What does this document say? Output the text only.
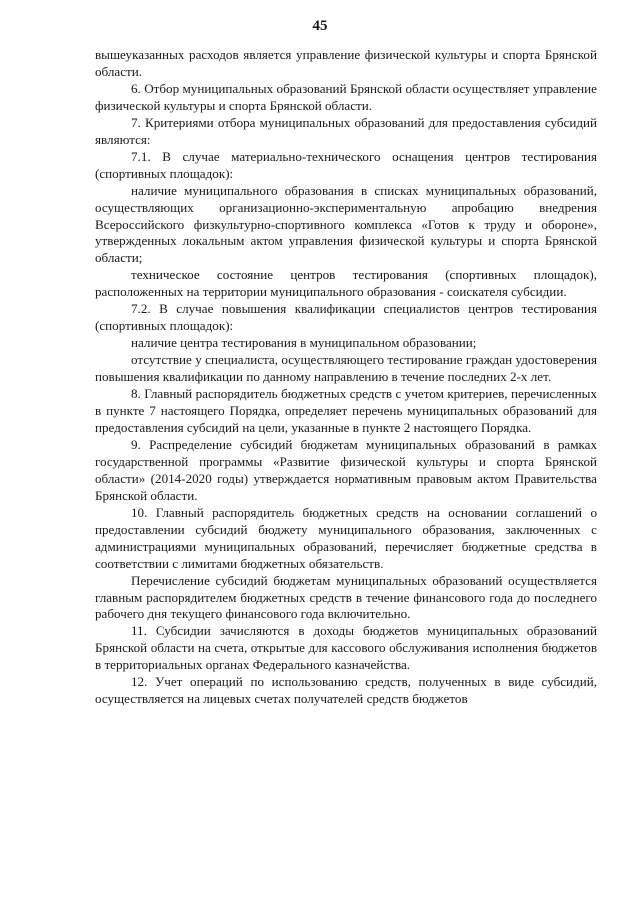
45

вышеуказанных расходов является управление физической культуры и спорта Брянской области.

6. Отбор муниципальных образований Брянской области осуществляет управление физической культуры и спорта Брянской области.

7. Критериями отбора муниципальных образований для предоставления субсидий являются:

7.1. В случае материально-технического оснащения центров тестирования (спортивных площадок):

наличие муниципального образования в списках муниципальных образований, осуществляющих организационно-экспериментальную апробацию внедрения Всероссийского физкультурно-спортивного комплекса «Готов к труду и обороне», утвержденных локальным актом управления физической культуры и спорта Брянской области;

техническое состояние центров тестирования (спортивных площадок), расположенных на территории муниципального образования - соискателя субсидии.

7.2. В случае повышения квалификации специалистов центров тестирования (спортивных площадок):

наличие центра тестирования в муниципальном образовании;

отсутствие у специалиста, осуществляющего тестирование граждан удостоверения повышения квалификации по данному направлению в течение последних 2-х лет.

8. Главный распорядитель бюджетных средств с учетом критериев, перечисленных в пункте 7 настоящего Порядка, определяет перечень муниципальных образований для предоставления субсидий на цели, указанные в пункте 2 настоящего Порядка.

9. Распределение субсидий бюджетам муниципальных образований в рамках государственной программы «Развитие физической культуры и спорта Брянской области» (2014-2020 годы) утверждается нормативным правовым актом Правительства Брянской области.

10. Главный распорядитель бюджетных средств на основании соглашений о предоставлении субсидий бюджету муниципального образования, заключенных с администрациями муниципальных образований, перечисляет бюджетные средства в соответствии с лимитами бюджетных обязательств.

Перечисление субсидий бюджетам муниципальных образований осуществляется главным распорядителем бюджетных средств в течение финансового года до последнего рабочего дня текущего финансового года включительно.

11. Субсидии зачисляются в доходы бюджетов муниципальных образований Брянской области на счета, открытые для кассового обслуживания исполнения бюджетов в территориальных органах Федерального казначейства.

12. Учет операций по использованию средств, полученных в виде субсидий, осуществляется на лицевых счетах получателей средств бюджетов
